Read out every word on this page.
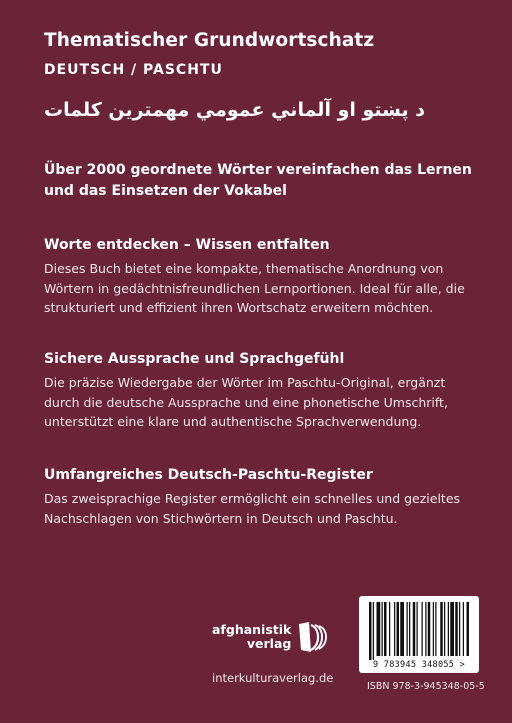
Thematischer Grundwortschatz
DEUTSCH / PASCHTU
د پښتو او آلماني عمومي مهمترین کلمات
Über 2000 geordnete Wörter vereinfachen das Lernen und das Einsetzen der Vokabel
Worte entdecken – Wissen entfalten

Dieses Buch bietet eine kompakte, thematische Anordnung von Wörtern in gedächtnisfreundlichen Lernportionen. Ideal für alle, die strukturiert und effizient ihren Wortschatz erweitern möchten.

Sichere Aussprache und Sprachgefühl

Die präzise Wiedergabe der Wörter im Paschtu-Original, ergänzt durch die deutsche Aussprache und eine phonetische Umschrift, unterstützt eine klare und authentische Sprachverwendung.

Umfangreiches Deutsch-Paschtu-Register

Das zweisprachige Register ermöglicht ein schnelles und gezieltes Nachschlagen von Stichwörtern in Deutsch und Paschtu.

afghanistik
verlag
interkulturaverlag.de
9 783945 348055 >
ISBN 978-3-945348-05-5
